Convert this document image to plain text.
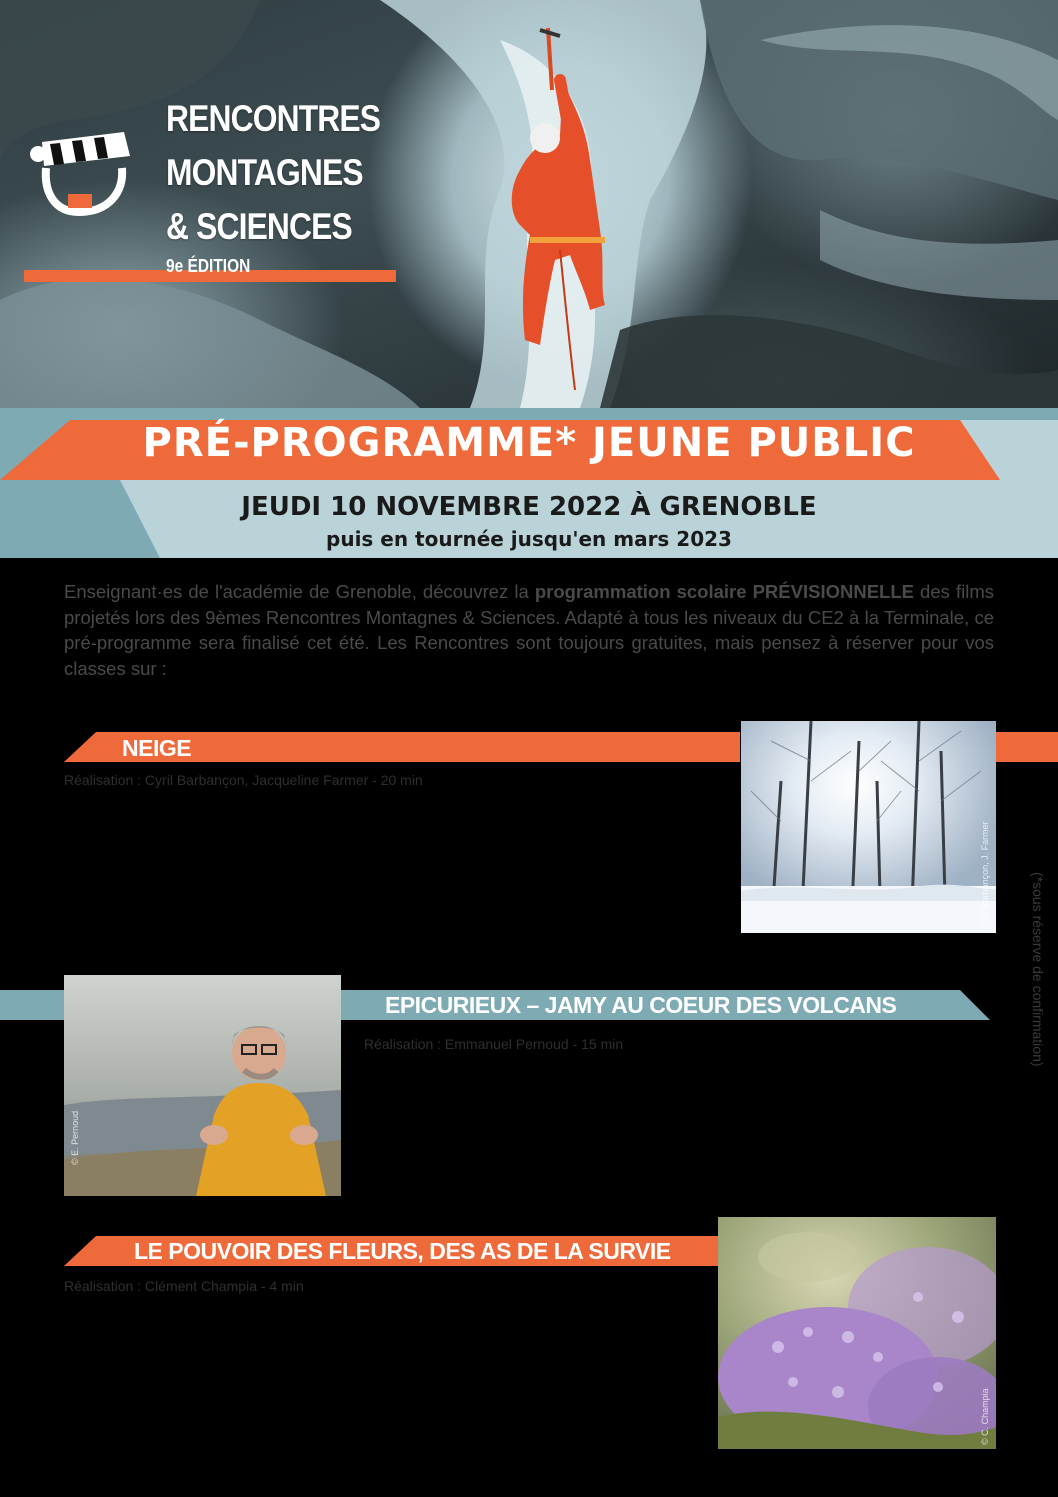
RENCONTRES
MONTAGNES
& SCIENCES
9e ÉDITION
PRÉ-PROGRAMME* JEUNE PUBLIC
JEUDI 10 NOVEMBRE 2022 À GRENOBLE
puis en tournée jusqu'en mars 2023

Enseignant·es de l'académie de Grenoble, découvrez la programmation scolaire PRÉVISIONNELLE des films projetés lors des 9èmes Rencontres Montagnes & Sciences. Adapté à tous les niveaux du CE2 à la Terminale, ce pré-programme sera finalisé cet été. Les Rencontres sont toujours gratuites, mais pensez à réserver pour vos classes sur :

NEIGE
Réalisation : Cyril Barbançon, Jacqueline Farmer - 20 min
© C. Barbançon, J. Farmer
EPICURIEUX – JAMY AU COEUR DES VOLCANS
Réalisation : Emmanuel Pernoud - 15 min
© E. Pernoud
LE POUVOIR DES FLEURS, DES AS DE LA SURVIE
Réalisation : Clément Champia - 4 min
© C. Champia
(*sous réserve de confirmation)
